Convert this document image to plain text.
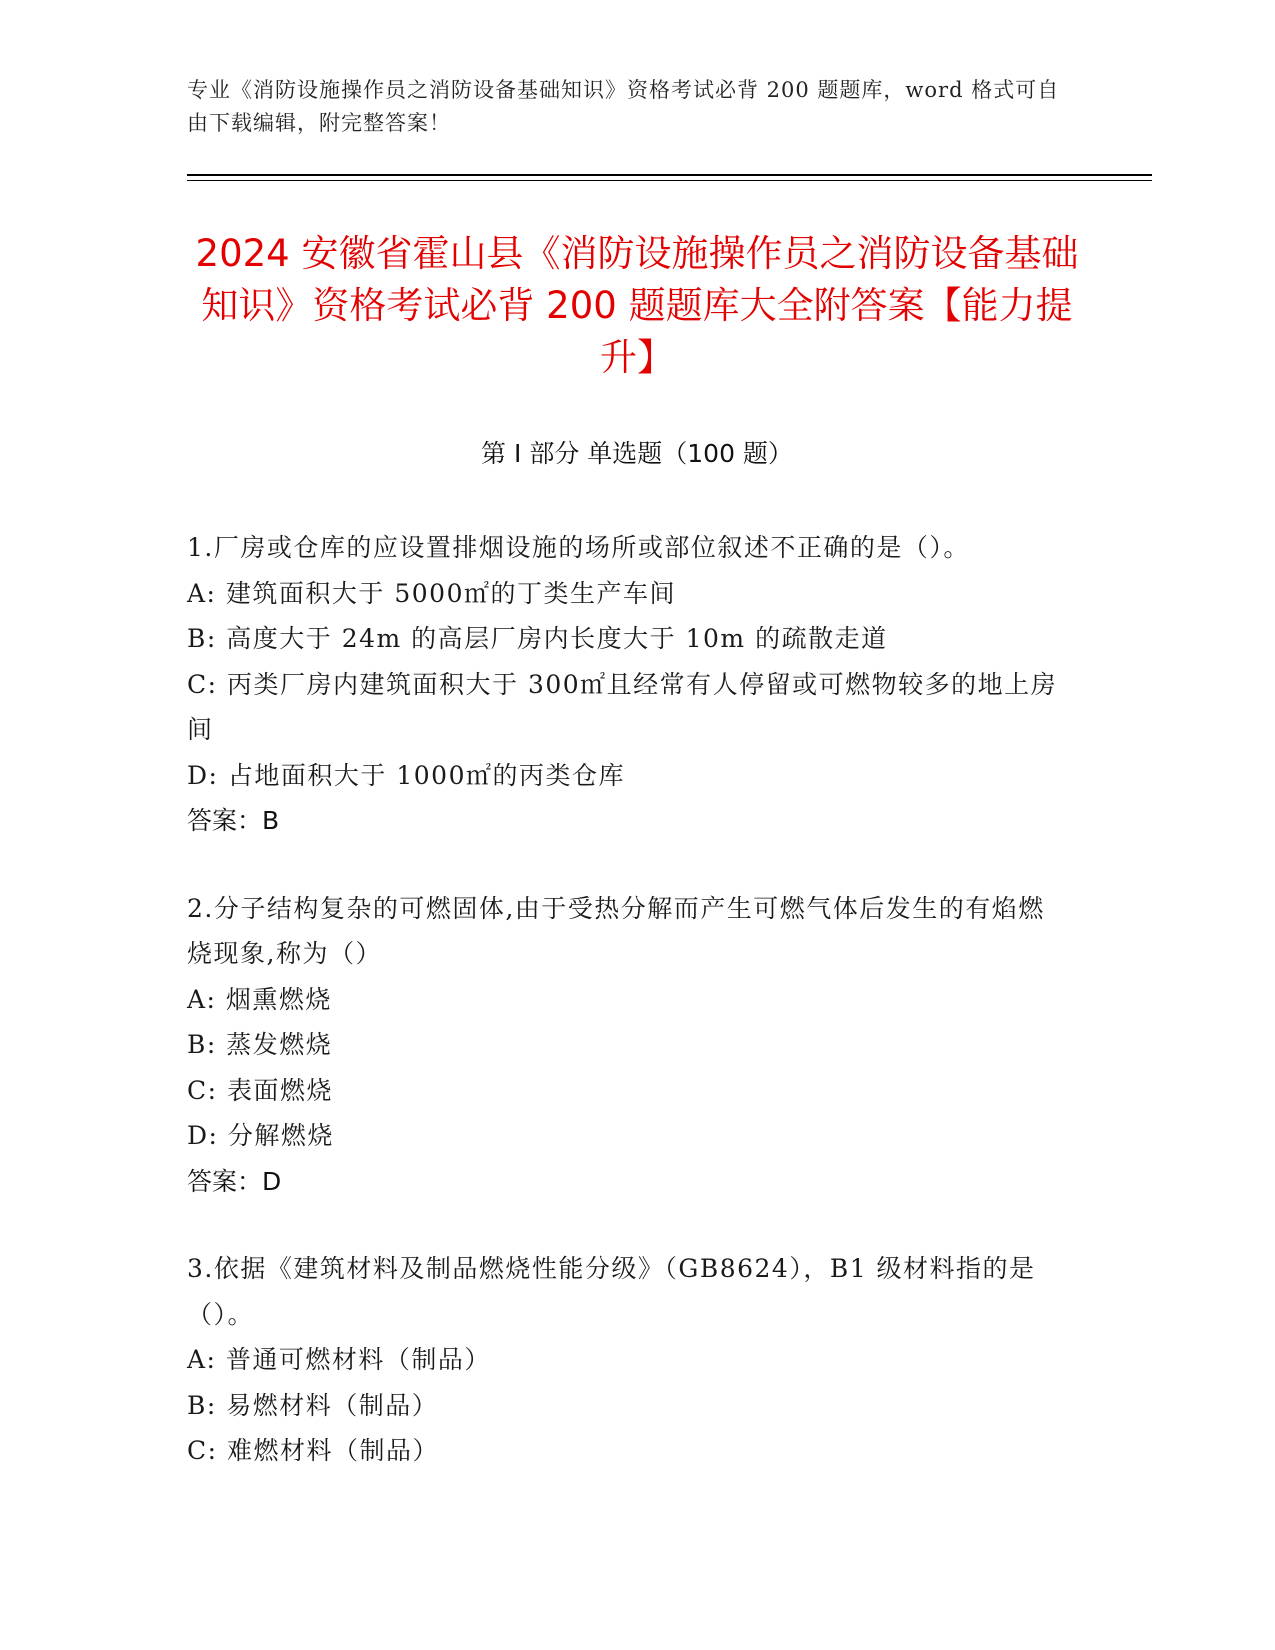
专业《消防设施操作员之消防设备基础知识》资格考试必背 200 题题库，word 格式可自由下载编辑，附完整答案！
2024 安徽省霍山县《消防设施操作员之消防设备基础知识》资格考试必背 200 题题库大全附答案【能力提升】
第 I 部分 单选题（100 题）
1.厂房或仓库的应设置排烟设施的场所或部位叙述不正确的是（）。
A: 建筑面积大于 5000㎡的丁类生产车间
B: 高度大于 24m 的高层厂房内长度大于 10m 的疏散走道
C: 丙类厂房内建筑面积大于 300㎡且经常有人停留或可燃物较多的地上房间
D: 占地面积大于 1000㎡的丙类仓库
答案：B
2.分子结构复杂的可燃固体,由于受热分解而产生可燃气体后发生的有焰燃烧现象,称为（）
A: 烟熏燃烧
B: 蒸发燃烧
C: 表面燃烧
D: 分解燃烧
答案：D
3.依据《建筑材料及制品燃烧性能分级》（GB8624），B1 级材料指的是（）。
A: 普通可燃材料（制品）
B: 易燃材料（制品）
C: 难燃材料（制品）
